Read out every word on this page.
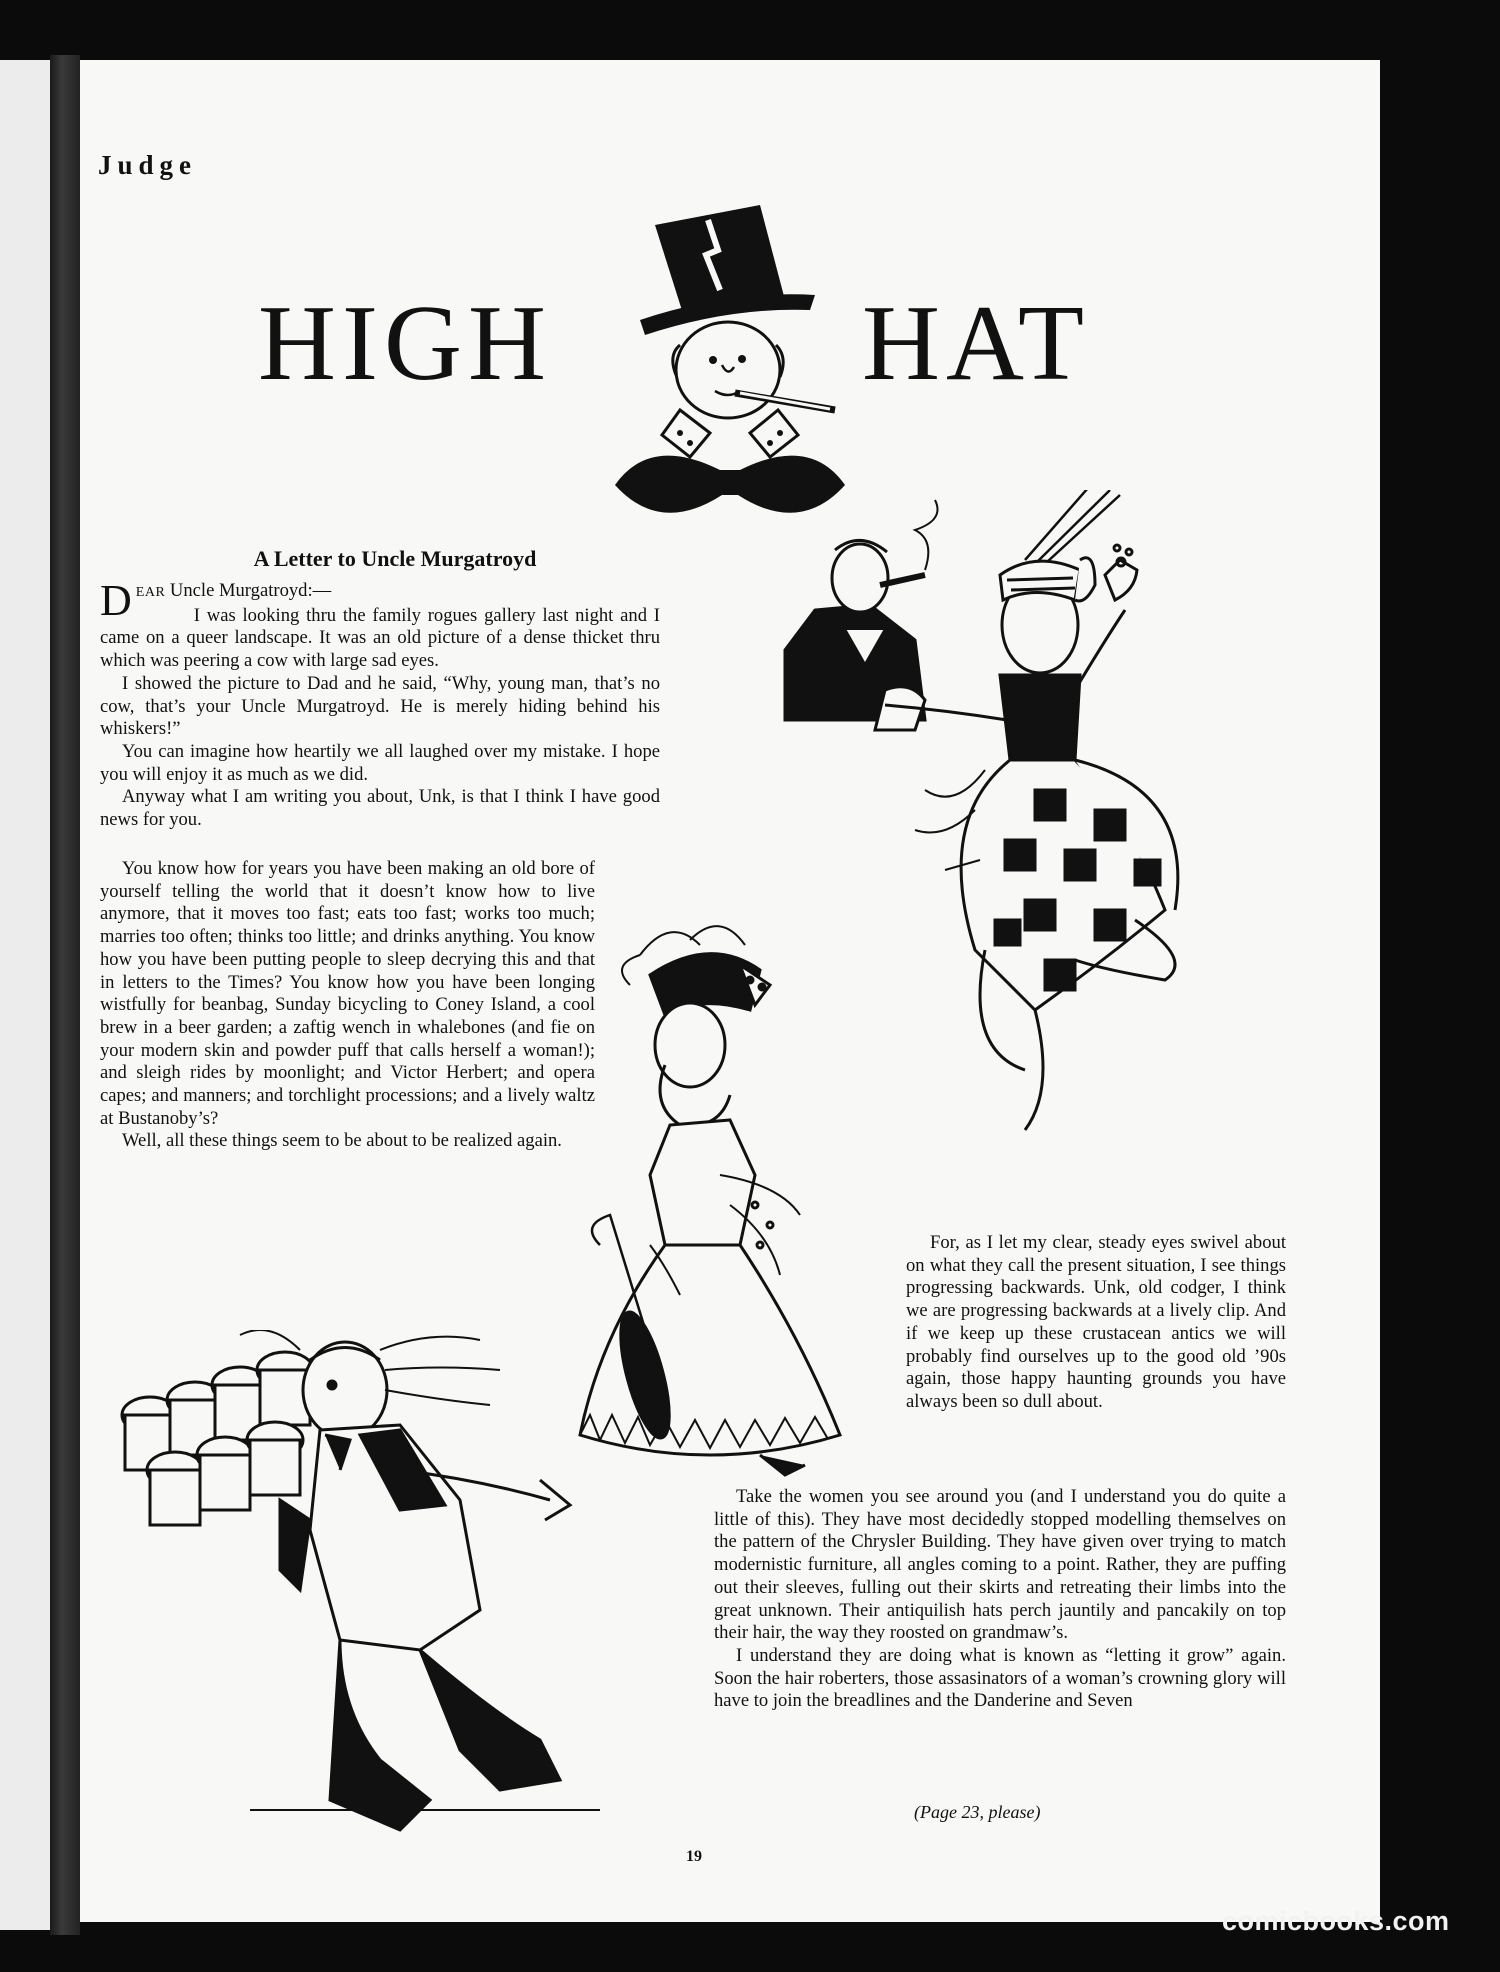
Judge
HIGH	HAT
A Letter to Uncle Murgatroyd

DEAR Uncle Murgatroyd:—

I was looking thru the family rogues gallery last night and I came on a queer landscape. It was an old picture of a dense thicket thru which was peering a cow with large sad eyes.

I showed the picture to Dad and he said, “Why, young man, that’s no cow, that’s your Uncle Murgatroyd. He is merely hiding behind his whiskers!”

You can imagine how heartily we all laughed over my mistake. I hope you will enjoy it as much as we did.

Anyway what I am writing you about, Unk, is that I think I have good news for you.

You know how for years you have been making an old bore of yourself telling the world that it doesn’t know how to live anymore, that it moves too fast; eats too fast; works too much; marries too often; thinks too little; and drinks anything. You know how you have been putting people to sleep decrying this and that in letters to the Times? You know how you have been longing wistfully for beanbag, Sunday bicycling to Coney Island, a cool brew in a beer garden; a zaftig wench in whalebones (and fie on your modern skin and powder puff that calls herself a woman!); and sleigh rides by moonlight; and Victor Herbert; and opera capes; and manners; and torchlight processions; and a lively waltz at Bustanoby’s?

Well, all these things seem to be about to be realized again.

For, as I let my clear, steady eyes swivel about on what they call the present situation, I see things progressing backwards. Unk, old codger, I think we are progressing backwards at a lively clip. And if we keep up these crustacean antics we will probably find ourselves up to the good old ’90s again, those happy haunting grounds you have always been so dull about.

Take the women you see around you (and I understand you do quite a little of this). They have most decidedly stopped modelling themselves on the pattern of the Chrysler Building. They have given over trying to match modernistic furniture, all angles coming to a point. Rather, they are puffing out their sleeves, fulling out their skirts and retreating their limbs into the great unknown. Their antiquilish hats perch jauntily and pancakily on top their hair, the way they roosted on grandmaw’s.

I understand they are doing what is known as “letting it grow” again. Soon the hair roberters, those assasinators of a woman’s crowning glory will have to join the breadlines and the Danderine and Seven

(Page 23, please)
19
comicbooks.com
